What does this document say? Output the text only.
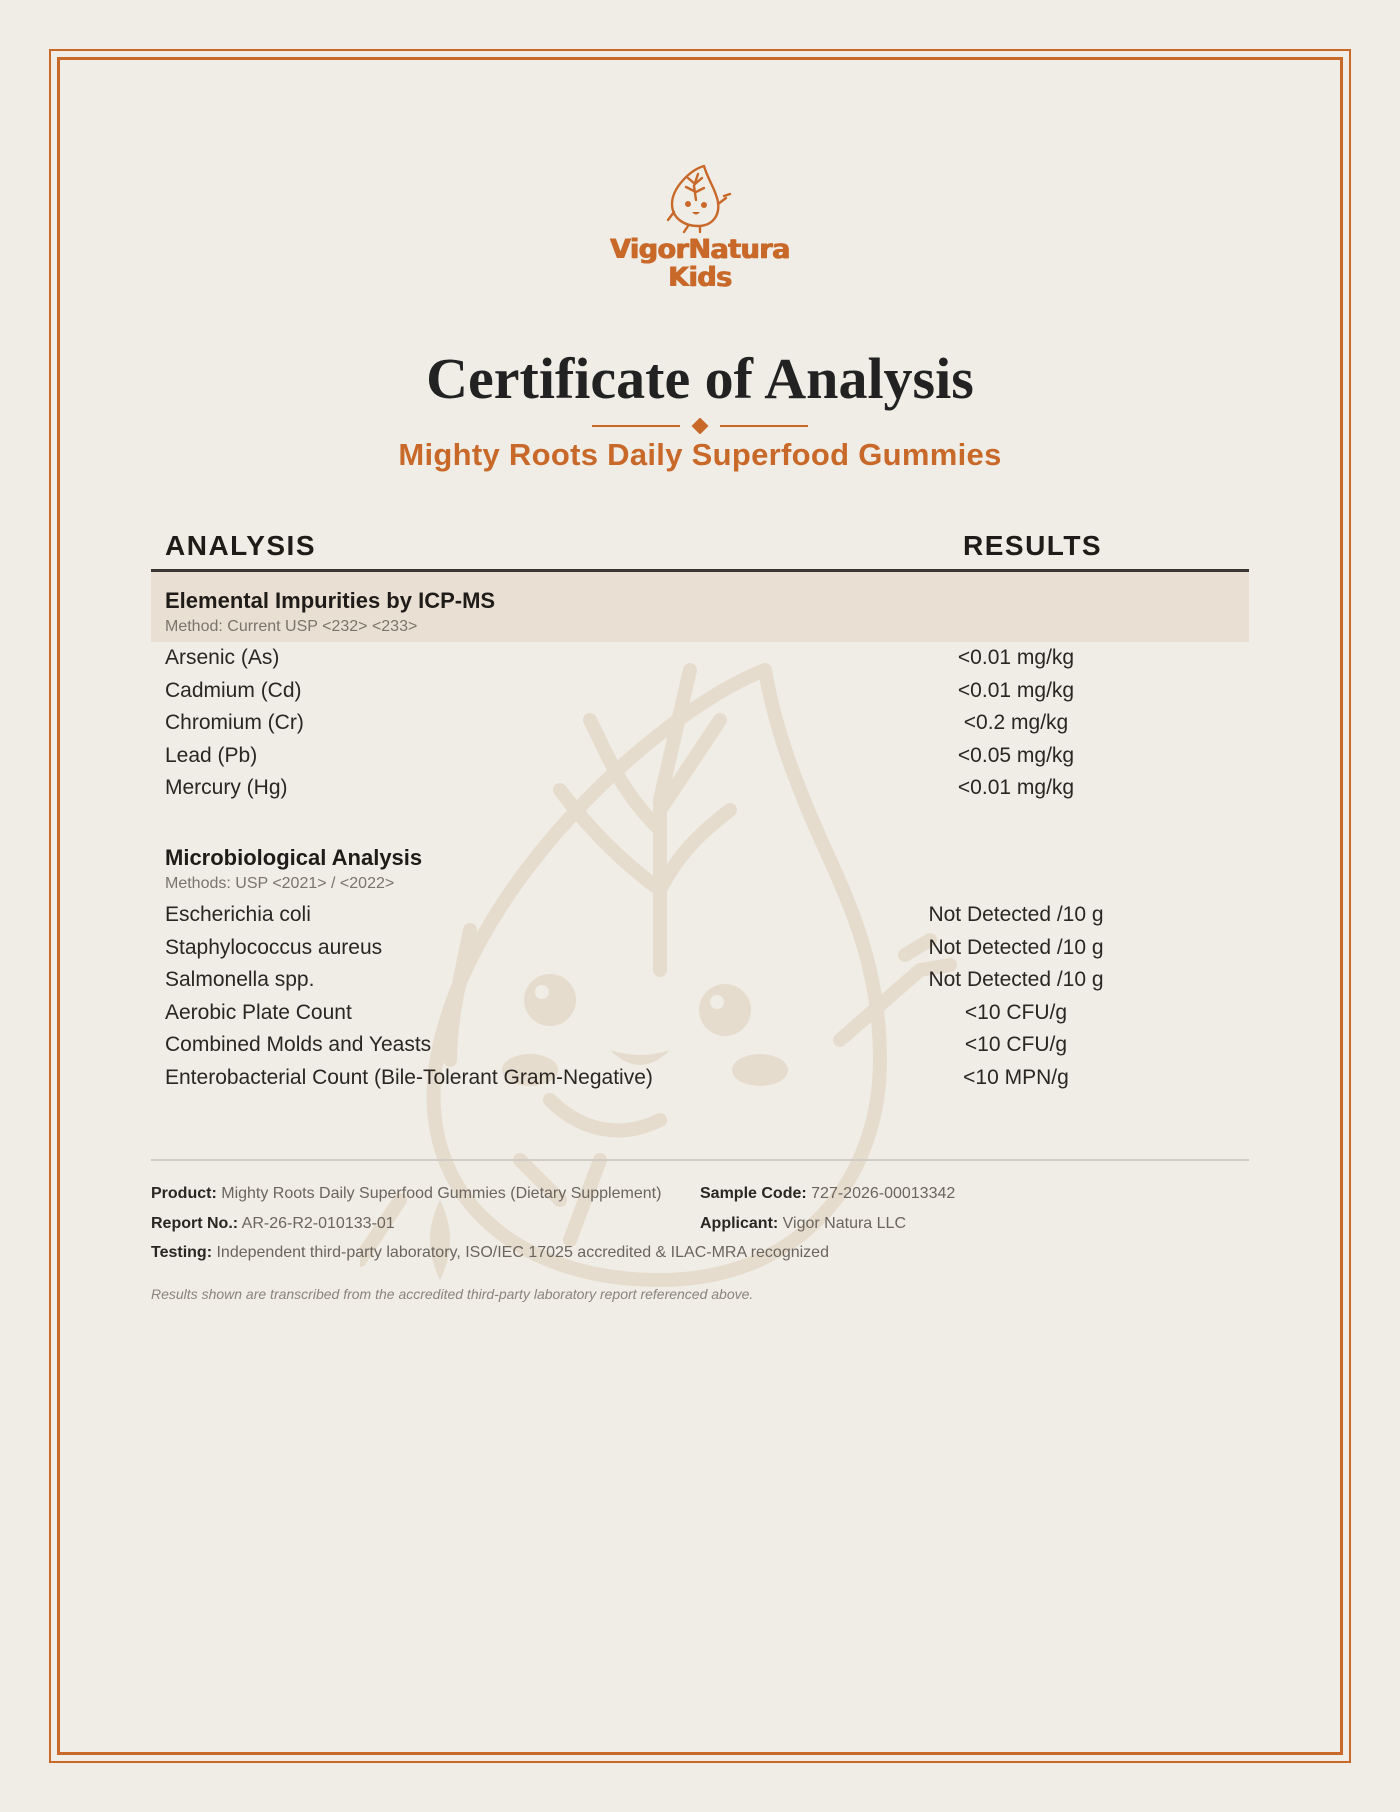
VigorNatura
Kids
Certificate of Analysis
Mighty Roots Daily Superfood Gummies
ANALYSIS	RESULTS
Elemental Impurities by ICP-MS
Method: Current USP <232> <233>
Arsenic (As)	<0.01 mg/kg
Cadmium (Cd)	<0.01 mg/kg
Chromium (Cr)	<0.2 mg/kg
Lead (Pb)	<0.05 mg/kg
Mercury (Hg)	<0.01 mg/kg
Microbiological Analysis
Methods: USP <2021> / <2022>
Escherichia coli	Not Detected /10 g
Staphylococcus aureus	Not Detected /10 g
Salmonella spp.	Not Detected /10 g
Aerobic Plate Count	<10 CFU/g
Combined Molds and Yeasts	<10 CFU/g
Enterobacterial Count (Bile-Tolerant Gram-Negative)	<10 MPN/g
Product: Mighty Roots Daily Superfood Gummies (Dietary Supplement) Sample Code: 727-2026-00013342
Report No.: AR-26-R2-010133-01	Applicant: Vigor Natura LLC
Testing: Independent third-party laboratory, ISO/IEC 17025 accredited & ILAC-MRA recognized
Results shown are transcribed from the accredited third-party laboratory report referenced above.
